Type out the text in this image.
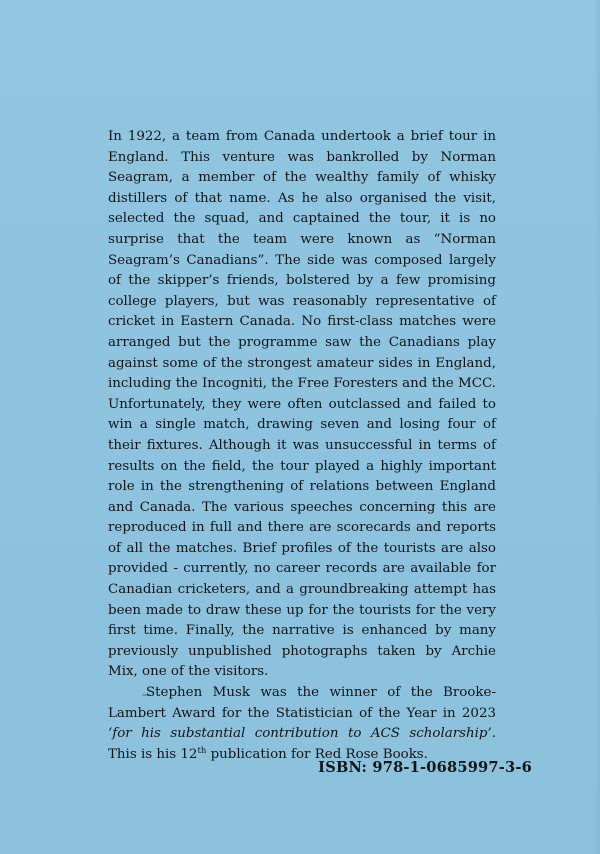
In 1922, a team from Canada undertook a brief tour in England. This venture was bankrolled by Norman Seagram, a member of the wealthy family of whisky distillers of that name. As he also organised the visit, selected the squad, and captained the tour, it is no surprise that the team were known as “Norman Seagram’s Canadians”. The side was composed largely of the skipper’s friends, bolstered by a few promising college players, but was reasonably representative of cricket in Eastern Canada. No first-class matches were arranged but the programme saw the Canadians play against some of the strongest amateur sides in England, including the Incogniti, the Free Foresters and the MCC. Unfortunately, they were often outclassed and failed to win a single match, drawing seven and losing four of their fixtures. Although it was unsuccessful in terms of results on the field, the tour played a highly important role in the strengthening of relations between England and Canada. The various speeches concerning this are reproduced in full and there are scorecards and reports of all the matches. Brief profiles of the tourists are also provided - currently, no career records are available for Canadian cricketers, and a groundbreaking attempt has been made to draw these up for the tourists for the very first time. Finally, the narrative is enhanced by many previously unpublished photographs taken by Archie Mix, one of the visitors.

Stephen Musk was the winner of the Brooke-Lambert Award for the Statistician of the Year in 2023 ‘for his substantial contribution to ACS scholarship’. This is his 12th publication for Red Rose Books.

ISBN: 978-1-0685997-3-6
